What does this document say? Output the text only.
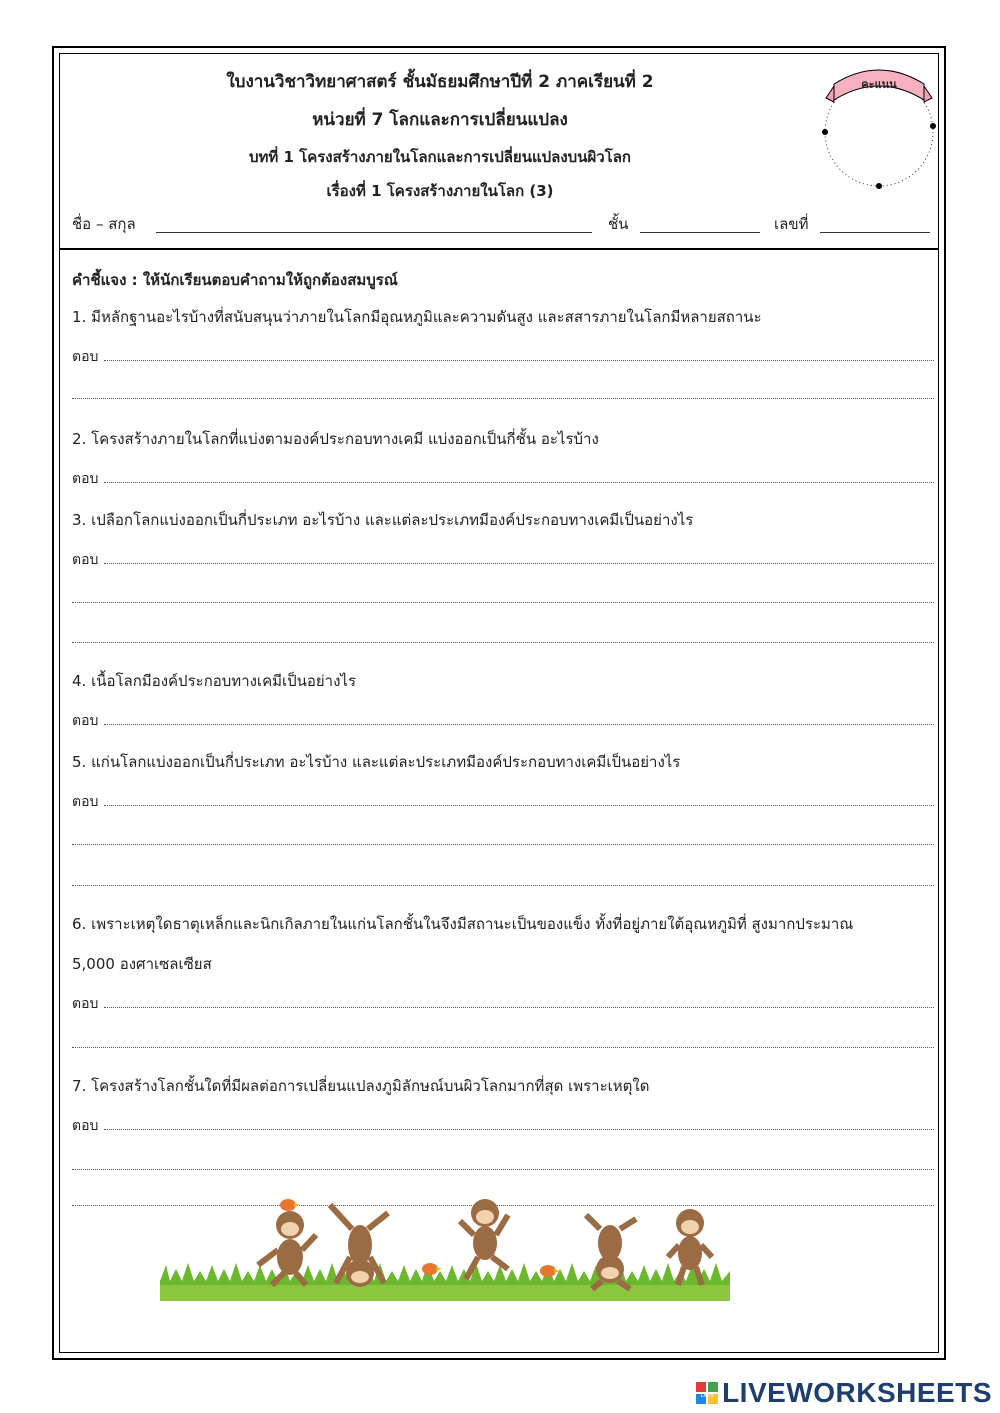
ใบงานวิชาวิทยาศาสตร์ ชั้นมัธยมศึกษาปีที่ 2 ภาคเรียนที่ 2
หน่วยที่ 7 โลกและการเปลี่ยนแปลง
บทที่ 1 โครงสร้างภายในโลกและการเปลี่ยนแปลงบนผิวโลก
เรื่องที่ 1 โครงสร้างภายในโลก (3)
คะแนน
ชื่อ – สกุล	ชั้น	เลขที่
คำชี้แจง : ให้นักเรียนตอบคำถามให้ถูกต้องสมบูรณ์
1. มีหลักฐานอะไรบ้างที่สนับสนุนว่าภายในโลกมีอุณหภูมิและความดันสูง และสสารภายในโลกมีหลายสถานะ
ตอบ
2. โครงสร้างภายในโลกที่แบ่งตามองค์ประกอบทางเคมี แบ่งออกเป็นกี่ชั้น อะไรบ้าง
ตอบ
3. เปลือกโลกแบ่งออกเป็นกี่ประเภท อะไรบ้าง และแต่ละประเภทมีองค์ประกอบทางเคมีเป็นอย่างไร
ตอบ
4. เนื้อโลกมีองค์ประกอบทางเคมีเป็นอย่างไร
ตอบ
5. แก่นโลกแบ่งออกเป็นกี่ประเภท อะไรบ้าง และแต่ละประเภทมีองค์ประกอบทางเคมีเป็นอย่างไร
ตอบ
6. เพราะเหตุใดธาตุเหล็กและนิกเกิลภายในแก่นโลกชั้นในจึงมีสถานะเป็นของแข็ง ทั้งที่อยู่ภายใต้อุณหภูมิที่ สูงมากประมาณ
5,000 องศาเซลเซียส
ตอบ
7. โครงสร้างโลกชั้นใดที่มีผลต่อการเปลี่ยนแปลงภูมิลักษณ์บนผิวโลกมากที่สุด เพราะเหตุใด
ตอบ
LWS LIVEWORKSHEETS
